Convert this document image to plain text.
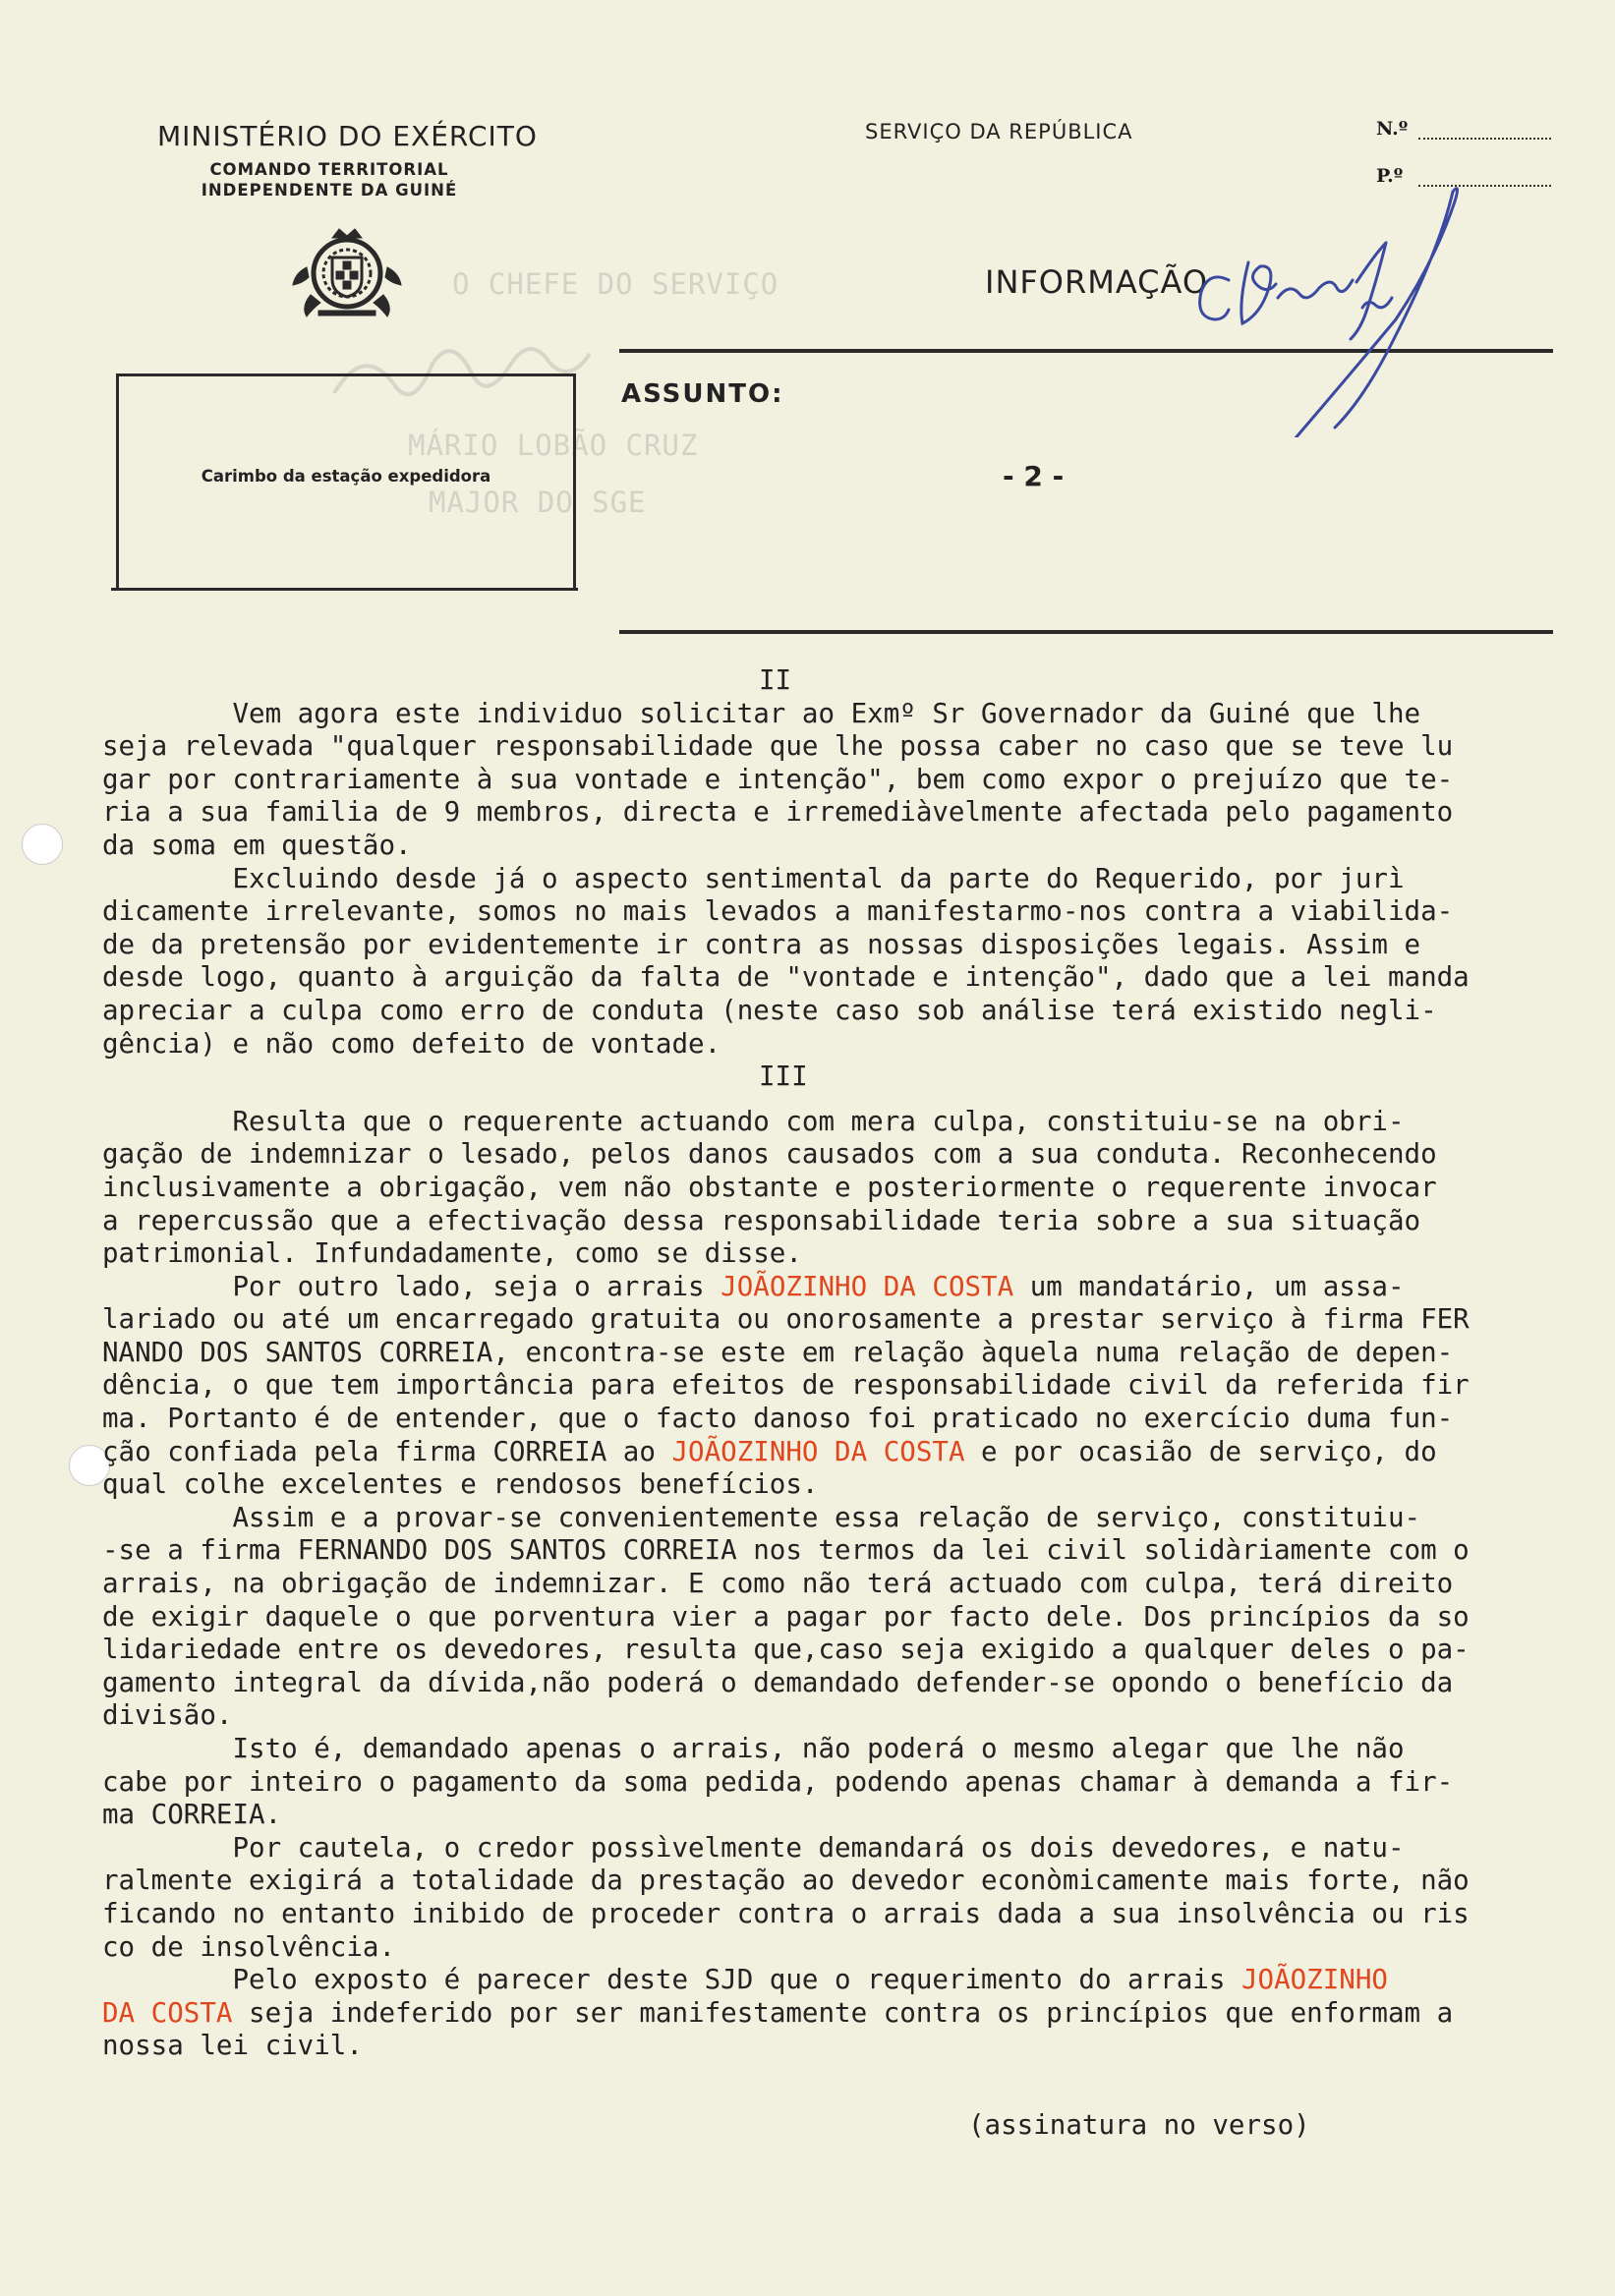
MINISTÉRIO DO EXÉRCITO
COMANDO TERRITORIAL
INDEPENDENTE DA GUINÉ
O CHEFE DO SERVIÇO
MÁRIO LOBÃO CRUZ
MAJOR DO SGE
SERVIÇO DA REPÚBLICA	N.º
P.º
INFORMAÇÃO
ASSUNTO:
Carimbo da estação expedidora	- 2 -
II
Vem agora este individuo solicitar ao Exmº Sr Governador da Guiné que lhe
seja relevada "qualquer responsabilidade que lhe possa caber no caso que se teve lu
gar por contrariamente à sua vontade e intenção", bem como expor o prejuízo que te-
ria a sua familia de 9 membros, directa e irremediàvelmente afectada pelo pagamento
da soma em questão.
Excluindo desde já o aspecto sentimental da parte do Requerido, por jurì
dicamente irrelevante, somos no mais levados a manifestarmo-nos contra a viabilida-
de da pretensão por evidentemente ir contra as nossas disposições legais. Assim e
desde logo, quanto à arguição da falta de "vontade e intenção", dado que a lei manda
apreciar a culpa como erro de conduta (neste caso sob análise terá existido negli-
gência) e não como defeito de vontade.
III
Resulta que o requerente actuando com mera culpa, constituiu-se na obri-
gação de indemnizar o lesado, pelos danos causados com a sua conduta. Reconhecendo
inclusivamente a obrigação, vem não obstante e posteriormente o requerente invocar
a repercussão que a efectivação dessa responsabilidade teria sobre a sua situação
patrimonial. Infundadamente, como se disse.
Por outro lado, seja o arrais JOÃOZINHO DA COSTA um mandatário, um assa-
lariado ou até um encarregado gratuita ou onorosamente a prestar serviço à firma FER
NANDO DOS SANTOS CORREIA, encontra-se este em relação àquela numa relação de depen-
dência, o que tem importância para efeitos de responsabilidade civil da referida fir
ma. Portanto é de entender, que o facto danoso foi praticado no exercício duma fun-
ção confiada pela firma CORREIA ao JOÃOZINHO DA COSTA e por ocasião de serviço, do
qual colhe excelentes e rendosos benefícios.
Assim e a provar-se convenientemente essa relação de serviço, constituiu-
-se a firma FERNANDO DOS SANTOS CORREIA nos termos da lei civil solidàriamente com o
arrais, na obrigação de indemnizar. E como não terá actuado com culpa, terá direito
de exigir daquele o que porventura vier a pagar por facto dele. Dos princípios da so
lidariedade entre os devedores, resulta que,caso seja exigido a qualquer deles o pa-
gamento integral da dívida,não poderá o demandado defender-se opondo o benefício da
divisão.
Isto é, demandado apenas o arrais, não poderá o mesmo alegar que lhe não
cabe por inteiro o pagamento da soma pedida, podendo apenas chamar à demanda a fir-
ma CORREIA.
Por cautela, o credor possìvelmente demandará os dois devedores, e natu-
ralmente exigirá a totalidade da prestação ao devedor econòmicamente mais forte, não
ficando no entanto inibido de proceder contra o arrais dada a sua insolvência ou ris
co de insolvência.
Pelo exposto é parecer deste SJD que o requerimento do arrais JOÃOZINHO
DA COSTA seja indeferido por ser manifestamente contra os princípios que enformam a
nossa lei civil.
(assinatura no verso)
